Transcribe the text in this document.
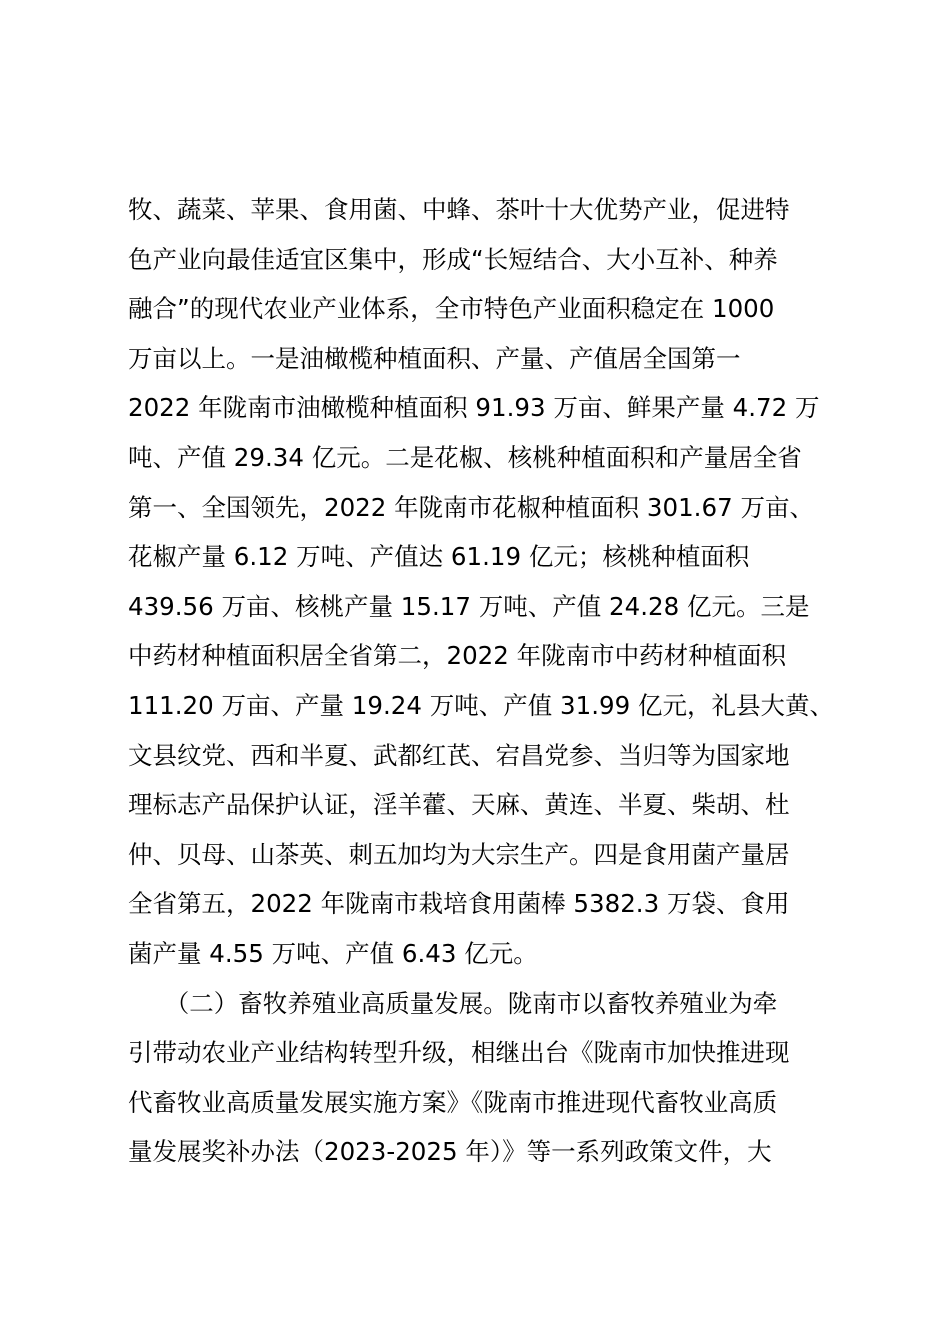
牧、蔬菜、苹果、食用菌、中蜂、茶叶十大优势产业，促进特
色产业向最佳适宜区集中，形成“长短结合、大小互补、种养
融合”的现代农业产业体系，全市特色产业面积稳定在 1000
万亩以上。一是油橄榄种植面积、产量、产值居全国第一
2022 年陇南市油橄榄种植面积 91.93 万亩、鲜果产量 4.72 万
吨、产值 29.34 亿元。二是花椒、核桃种植面积和产量居全省
第一、全国领先，2022 年陇南市花椒种植面积 301.67 万亩、
花椒产量 6.12 万吨、产值达 61.19 亿元；核桃种植面积
439.56 万亩、核桃产量 15.17 万吨、产值 24.28 亿元。三是
中药材种植面积居全省第二，2022 年陇南市中药材种植面积
111.20 万亩、产量 19.24 万吨、产值 31.99 亿元，礼县大黄、
文县纹党、西和半夏、武都红芪、宕昌党参、当归等为国家地
理标志产品保护认证，淫羊藿、天麻、黄连、半夏、柴胡、杜
仲、贝母、山茶英、刺五加均为大宗生产。四是食用菌产量居
全省第五，2022 年陇南市栽培食用菌棒 5382.3 万袋、食用
菌产量 4.55 万吨、产值 6.43 亿元。
　　（二）畜牧养殖业高质量发展。陇南市以畜牧养殖业为牵
引带动农业产业结构转型升级，相继出台《陇南市加快推进现
代畜牧业高质量发展实施方案》《陇南市推进现代畜牧业高质
量发展奖补办法（2023-2025 年）》等一系列政策文件，大
